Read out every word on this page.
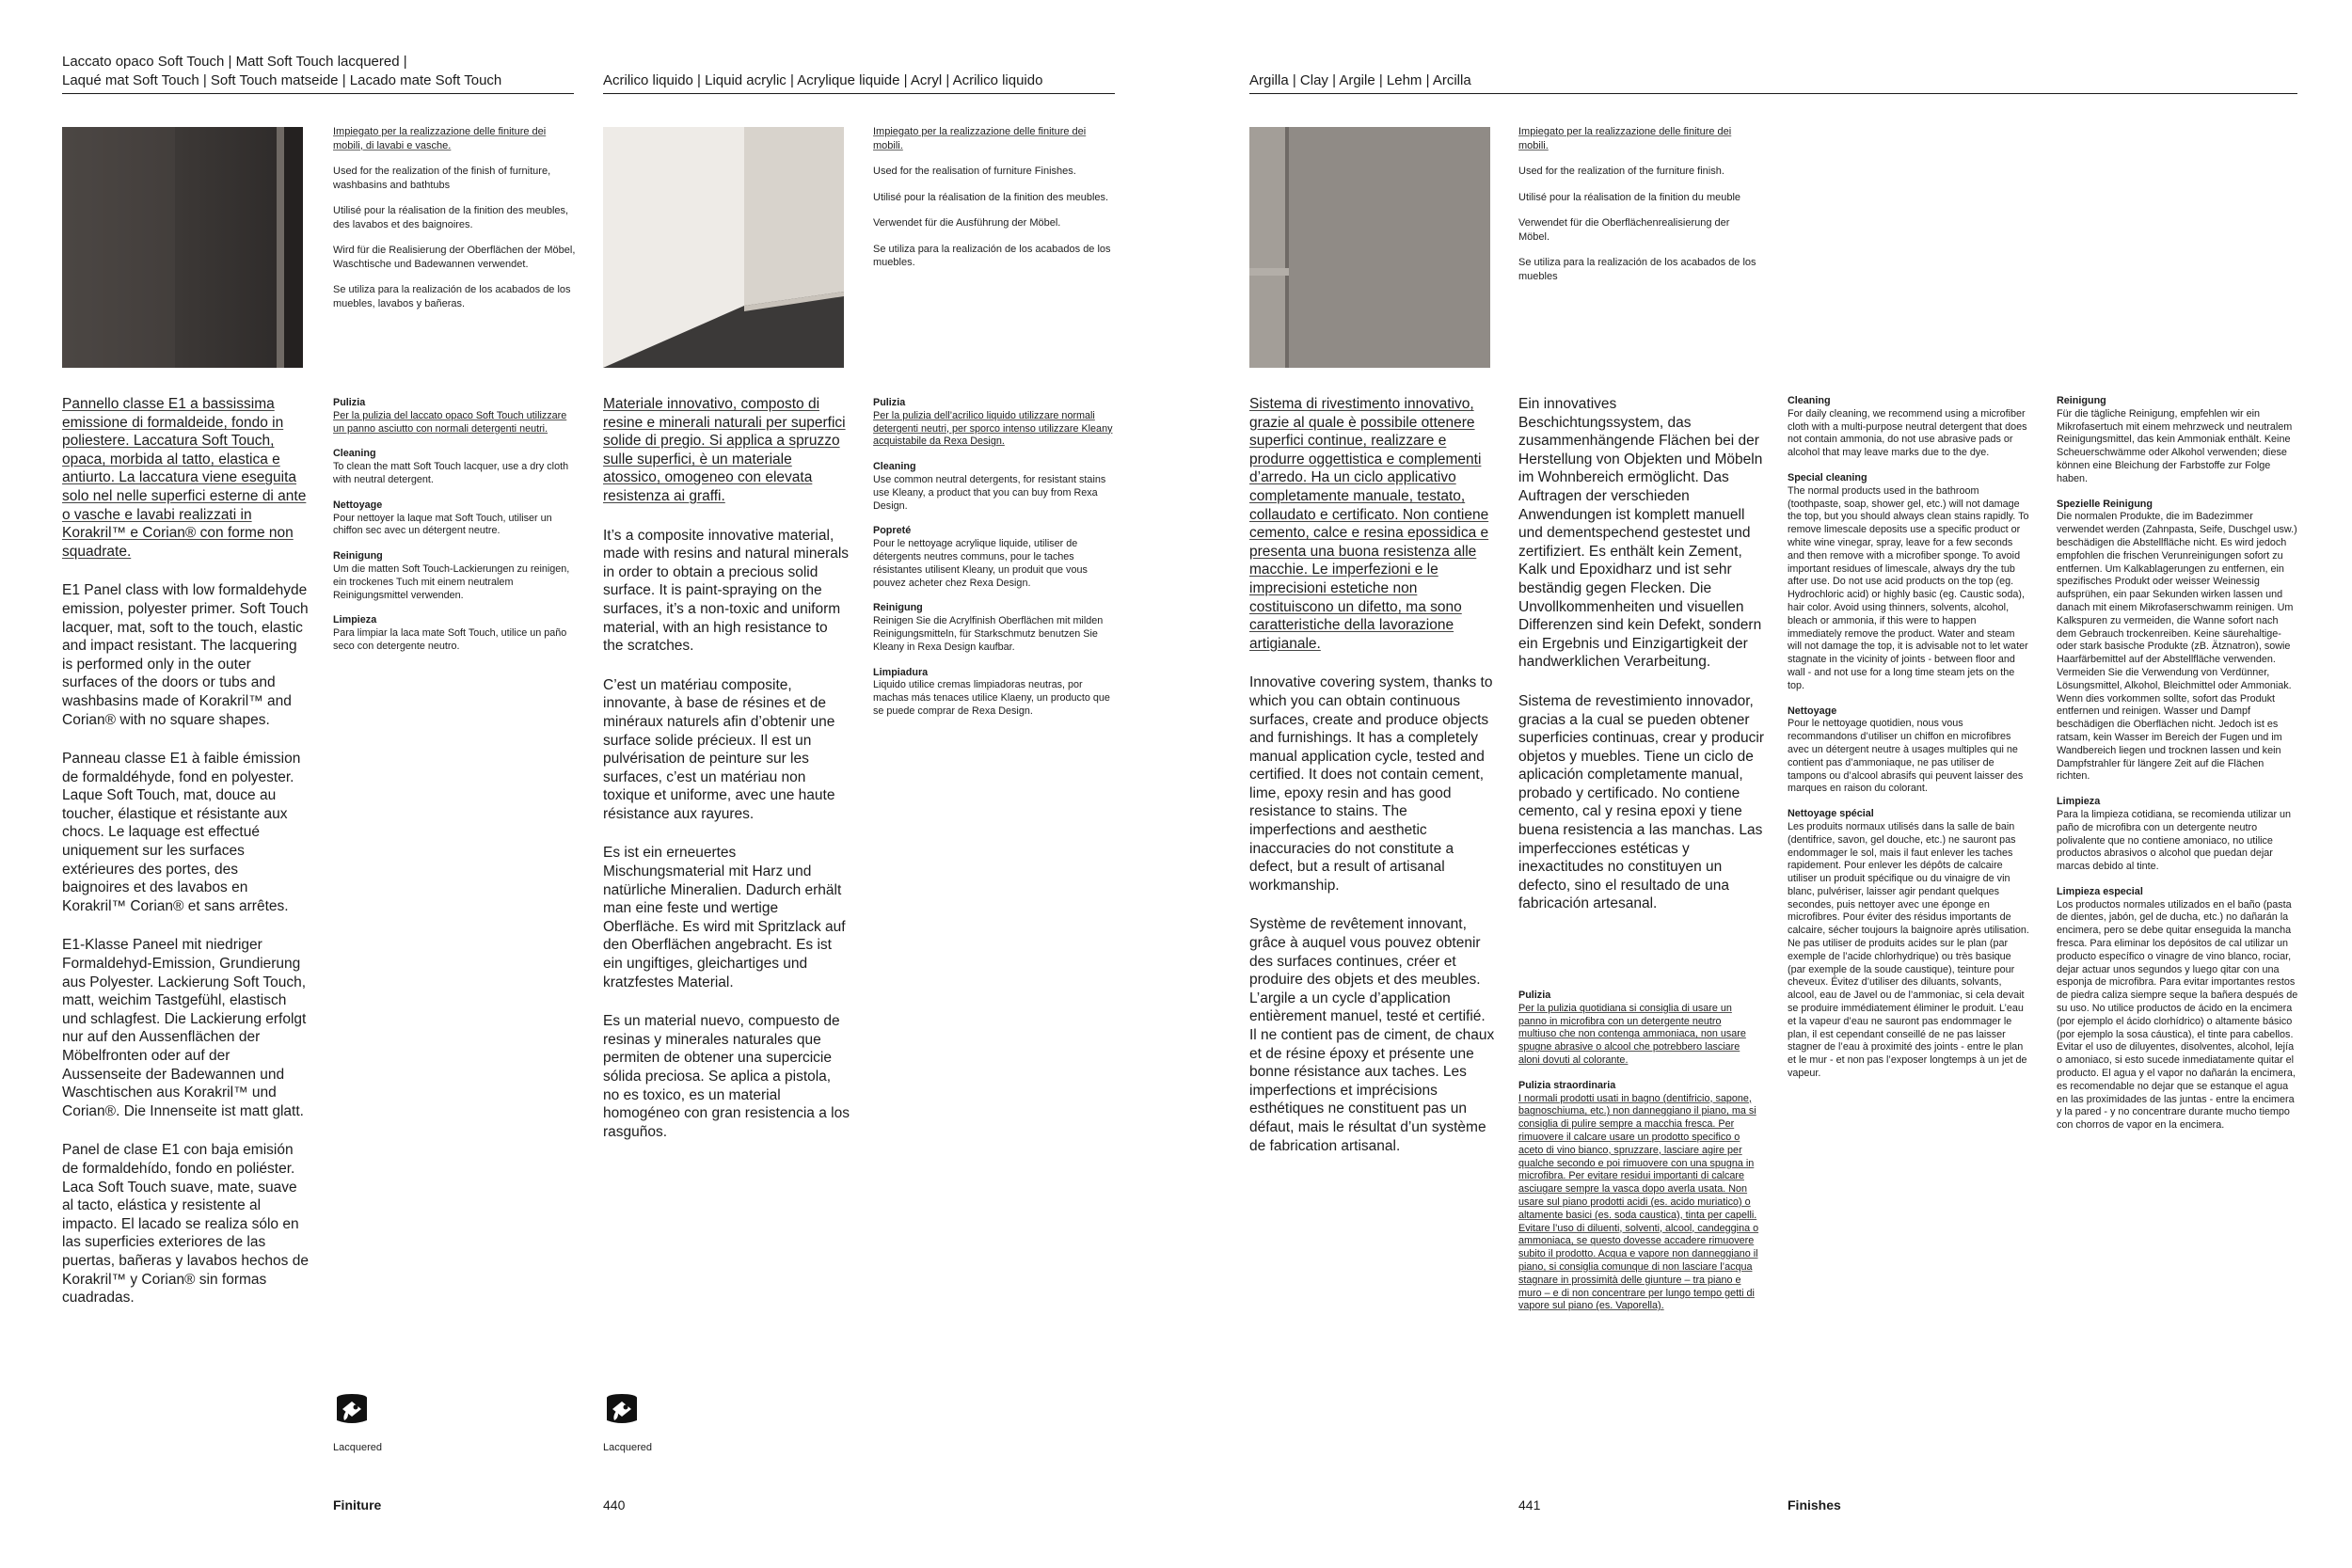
Laccato opaco Soft Touch | Matt Soft Touch lacquered |
Laqué mat Soft Touch | Soft Touch matseide | Lacado mate Soft Touch	Acrilico liquido | Liquid acrylic | Acrylique liquide | Acryl | Acrilico liquido	Argilla | Clay | Argile | Lehm | Arcilla

Impiegato per la realizzazione delle finiture dei mobili, di lavabi e vasche.

Used for the realization of the finish of furniture, washbasins and bathtubs

Utilisé pour la réalisation de la finition des meubles, des lavabos et des baignoires.

Wird für die Realisierung der Oberflächen der Möbel, Waschtische und Badewannen verwendet.

Se utiliza para la realización de los acabados de los muebles, lavabos y bañeras.

Impiegato per la realizzazione delle finiture dei mobili.

Used for the realisation of furniture Finishes.

Utilisé pour la réalisation de la finition des meubles.

Verwendet für die Ausführung der Möbel.

Se utiliza para la realización de los acabados de los muebles.

Impiegato per la realizzazione delle finiture dei mobili.

Used for the realization of the furniture finish.

Utilisé pour la réalisation de la finition du meuble

Verwendet für die Oberflächenrealisierung der Möbel.

Se utiliza para la realización de los acabados de los muebles

Pannello classe E1 a bassissima emissione di formaldeide, fondo in poliestere. Laccatura Soft Touch, opaca, morbida al tatto, elastica e antiurto. La laccatura viene eseguita solo nel nelle superfici esterne di ante o vasche e lavabi realizzati in Korakril™ e Corian® con forme non squadrate.

E1 Panel class with low formaldehyde emission, polyester primer. Soft Touch lacquer, mat, soft to the touch, elastic and impact resistant. The lacquering is performed only in the outer surfaces of the doors or tubs and washbasins made of Korakril™ and Corian® with no square shapes.

Panneau classe E1 à faible émission de formaldéhyde, fond en polyester. Laque Soft Touch, mat, douce au toucher, élastique et résistante aux chocs. Le laquage est effectué uniquement sur les surfaces extérieures des portes, des baignoires et des lavabos en Korakril™ Corian® et sans arrêtes.

E1-Klasse Paneel mit niedriger Formaldehyd-Emission, Grundierung aus Polyester. Lackierung Soft Touch, matt, weichim Tastgefühl, elastisch und schlagfest. Die Lackierung erfolgt nur auf den Aussenflächen der Möbelfronten oder auf der Aussenseite der Badewannen und Waschtischen aus Korakril™ und Corian®. Die Innenseite ist matt glatt.

Panel de clase E1 con baja emisión de formaldehído, fondo en poliéster. Laca Soft Touch suave, mate, suave al tacto, elástica y resistente al impacto. El lacado se realiza sólo en las superficies exteriores de las puertas, bañeras y lavabos hechos de Korakril™ y Corian® sin formas cuadradas.

Materiale innovativo, composto di resine e minerali naturali per superfici solide di pregio. Si applica a spruzzo sulle superfici, è un materiale atossico, omogeneo con elevata resistenza ai graffi.

It’s a composite innovative material, made with resins and natural minerals in order to obtain a precious solid surface. It is paint-spraying on the surfaces, it’s a non-toxic and uniform material, with an high resistance to the scratches.

C’est un matériau composite, innovante, à base de résines et de minéraux naturels afin d’obtenir une surface solide précieux. Il est un pulvérisation de peinture sur les surfaces, c’est un matériau non toxique et uniforme, avec une haute résistance aux rayures.

Es ist ein erneuertes Mischungsmaterial mit Harz und natürliche Mineralien. Dadurch erhält man eine feste und wertige Oberfläche. Es wird mit Spritzlack auf den Oberflächen angebracht. Es ist ein ungiftiges, gleichartiges und kratzfestes Material.

Es un material nuevo, compuesto de resinas y minerales naturales que permiten de obtener una supercicie sólida preciosa. Se aplica a pistola, no es toxico, es un material homogéneo con gran resistencia a los rasguños.

Sistema di rivestimento innovativo, grazie al quale è possibile ottenere superfici continue, realizzare e produrre oggettistica e complementi d’arredo. Ha un ciclo applicativo completamente manuale, testato, collaudato e certificato. Non contiene cemento, calce e resina epossidica e presenta una buona resistenza alle macchie. Le imperfezioni e le imprecisioni estetiche non costituiscono un difetto, ma sono caratteristiche della lavorazione artigianale.

Innovative covering system, thanks to which you can obtain continuous surfaces, create and produce objects and furnishings. It has a completely manual application cycle, tested and certified. It does not contain cement, lime, epoxy resin and has good resistance to stains. The imperfections and aesthetic inaccuracies do not constitute a defect, but a result of artisanal workmanship.

Système de revêtement innovant, grâce à auquel vous pouvez obtenir des surfaces continues, créer et produire des objets et des meubles. L’argile a un cycle d’application entièrement manuel, testé et certifié. Il ne contient pas de ciment, de chaux et de résine époxy et présente une bonne résistance aux taches. Les imperfections et imprécisions esthétiques ne constituent pas un défaut, mais le résultat d’un système de fabrication artisanal.

Ein innovatives Beschichtungssystem, das zusammenhängende Flächen bei der Herstellung von Objekten und Möbeln im Wohnbereich ermöglicht. Das Auftragen der verschieden Anwendungen ist komplett manuell und dementspechend gestestet und zertifiziert. Es enthält kein Zement, Kalk und Epoxidharz und ist sehr beständig gegen Flecken. Die Unvollkommenheiten und visuellen Differenzen sind kein Defekt, sondern ein Ergebnis und Einzigartigkeit der handwerklichen Verarbeitung.

Sistema de revestimiento innovador, gracias a la cual se pueden obtener superficies continuas, crear y producir objetos y muebles. Tiene un ciclo de aplicación completamente manual, probado y certificado. No contiene cemento, cal y resina epoxi y tiene buena resistencia a las manchas. Las imperfecciones estéticas y inexactitudes no constituyen un defecto, sino el resultado de una fabricación artesanal.

Pulizia
Per la pulizia del laccato opaco Soft Touch utilizzare un panno asciutto con normali detergenti neutri.
Cleaning
To clean the matt Soft Touch lacquer, use a dry cloth with neutral detergent.
Nettoyage
Pour nettoyer la laque mat Soft Touch, utiliser un chiffon sec avec un détergent neutre.
Reinigung
Um die matten Soft Touch-Lackierungen zu reinigen, ein trockenes Tuch mit einem neutralem Reinigungsmittel verwenden.
Limpieza
Para limpiar la laca mate Soft Touch, utilice un paño seco con detergente neutro.
Pulizia
Per la pulizia dell’acrilico liquido utilizzare normali detergenti neutri, per sporco intenso utilizzare Kleany acquistabile da Rexa Design.
Cleaning
Use common neutral detergents, for resistant stains use Kleany, a product that you can buy from Rexa Design.
Popreté
Pour le nettoyage acrylique liquide, utiliser de détergents neutres communs, pour le taches résistantes utilisent Kleany, un produit que vous pouvez acheter chez Rexa Design.
Reinigung
Reinigen Sie die Acrylfinish Oberflächen mit milden Reinigungsmitteln, für Starkschmutz benutzen Sie Kleany in Rexa Design kaufbar.
Limpiadura
Liquido utilice cremas limpiadoras neutras, por machas más tenaces utilice Klaeny, un producto que se puede comprar de Rexa Design.
Pulizia
Per la pulizia quotidiana si consiglia di usare un panno in microfibra con un detergente neutro multiuso che non contenga ammoniaca, non usare spugne abrasive o alcool che potrebbero lasciare aloni dovuti al colorante.
Pulizia straordinaria
I normali prodotti usati in bagno (dentifricio, sapone, bagnoschiuma, etc.) non danneggiano il piano, ma si consiglia di pulire sempre a macchia fresca. Per rimuovere il calcare usare un prodotto specifico o aceto di vino bianco, spruzzare, lasciare agire per qualche secondo e poi rimuovere con una spugna in microfibra. Per evitare residui importanti di calcare asciugare sempre la vasca dopo averla usata. Non usare sul piano prodotti acidi (es. acido muriatico) o altamente basici (es. soda caustica), tinta per capelli. Evitare l’uso di diluenti, solventi, alcool, candeggina o ammoniaca, se questo dovesse accadere rimuovere subito il prodotto. Acqua e vapore non danneggiano il piano, si consiglia comunque di non lasciare l’acqua stagnare in prossimità delle giunture – tra piano e muro – e di non concentrare per lungo tempo getti di vapore sul piano (es. Vaporella).
Cleaning
For daily cleaning, we recommend using a microfiber cloth with a multi-purpose neutral detergent that does not contain ammonia, do not use abrasive pads or alcohol that may leave marks due to the dye.
Special cleaning
The normal products used in the bathroom (toothpaste, soap, shower gel, etc.) will not damage the top, but you should always clean stains rapidly. To remove limescale deposits use a specific product or white wine vinegar, spray, leave for a few seconds and then remove with a microfiber sponge. To avoid important residues of limescale, always dry the tub after use. Do not use acid products on the top (eg. Hydrochloric acid) or highly basic (eg. Caustic soda), hair color. Avoid using thinners, solvents, alcohol, bleach or ammonia, if this were to happen immediately remove the product. Water and steam will not damage the top, it is advisable not to let water stagnate in the vicinity of joints - between floor and wall - and not use for a long time steam jets on the top.
Nettoyage
Pour le nettoyage quotidien, nous vous recommandons d’utiliser un chiffon en microfibres avec un détergent neutre à usages multiples qui ne contient pas d’ammoniaque, ne pas utiliser de tampons ou d’alcool abrasifs qui peuvent laisser des marques en raison du colorant.
Nettoyage spécial
Les produits normaux utilisés dans la salle de bain (dentifrice, savon, gel douche, etc.) ne sauront pas endommager le sol, mais il faut enlever les taches rapidement. Pour enlever les dépôts de calcaire utiliser un produit spécifique ou du vinaigre de vin blanc, pulvériser, laisser agir pendant quelques secondes, puis nettoyer avec une éponge en microfibres. Pour éviter des résidus importants de calcaire, sécher toujours la baignoire après utilisation. Ne pas utiliser de produits acides sur le plan (par exemple de l’acide chlorhydrique) ou très basique (par exemple de la soude caustique), teinture pour cheveux. Évitez d’utiliser des diluants, solvants, alcool, eau de Javel ou de l’ammoniac, si cela devait se produire immédiatement éliminer le produit. L’eau et la vapeur d’eau ne sauront pas endommager le plan, il est cependant conseillé de ne pas laisser stagner de l’eau à proximité des joints - entre le plan et le mur - et non pas l’exposer longtemps à un jet de vapeur.
Reinigung
Für die tägliche Reinigung, empfehlen wir ein Mikrofasertuch mit einem mehrzweck und neutralem Reinigungsmittel, das kein Ammoniak enthält. Keine Scheuerschwämme oder Alkohol verwenden; diese können eine Bleichung der Farbstoffe zur Folge haben.
Spezielle Reinigung
Die normalen Produkte, die im Badezimmer verwendet werden (Zahnpasta, Seife, Duschgel usw.) beschädigen die Abstellfläche nicht. Es wird jedoch empfohlen die frischen Verunreinigungen sofort zu entfernen. Um Kalkablagerungen zu entfernen, ein spezifisches Produkt oder weisser Weinessig aufsprühen, ein paar Sekunden wirken lassen und danach mit einem Mikrofaserschwamm reinigen. Um Kalkspuren zu vermeiden, die Wanne sofort nach dem Gebrauch trockenreiben. Keine säurehaltige- oder stark basische Produkte (zB. Ätznatron), sowie Haarfärbemittel auf der Abstellfläche verwenden. Vermeiden Sie die Verwendung von Verdünner, Lösungsmittel, Alkohol, Bleichmittel oder Ammoniak. Wenn dies vorkommen sollte, sofort das Produkt entfernen und reinigen. Wasser und Dampf beschädigen die Oberflächen nicht. Jedoch ist es ratsam, kein Wasser im Bereich der Fugen und im Wandbereich liegen und trocknen lassen und kein Dampfstrahler für längere Zeit auf die Flächen richten.
Limpieza
Para la limpieza cotidiana, se recomienda utilizar un paño de microfibra con un detergente neutro polivalente que no contiene amoniaco, no utilice productos abrasivos o alcohol que puedan dejar marcas debido al tinte.
Limpieza especial
Los productos normales utilizados en el baño (pasta de dientes, jabón, gel de ducha, etc.) no dañarán la encimera, pero se debe quitar enseguida la mancha fresca. Para eliminar los depósitos de cal utilizar un producto específico o vinagre de vino blanco, rociar, dejar actuar unos segundos y luego qitar con una esponja de microfibra. Para evitar importantes restos de piedra caliza siempre seque la bañera después de su uso. No utilice productos de ácido en la encimera (por ejemplo el ácido clorhídrico) o altamente básico (por ejemplo la sosa cáustica), el tinte para cabellos. Evitar el uso de diluyentes, disolventes, alcohol, lejía o amoniaco, si esto sucede inmediatamente quitar el producto. El agua y el vapor no dañarán la encimera, es recomendable no dejar que se estanque el agua en las proximidades de las juntas - entre la encimera y la pared - y no concentrare durante mucho tiempo con chorros de vapor en la encimera.
Lacquered	Lacquered
Finiture	440	441	Finishes
